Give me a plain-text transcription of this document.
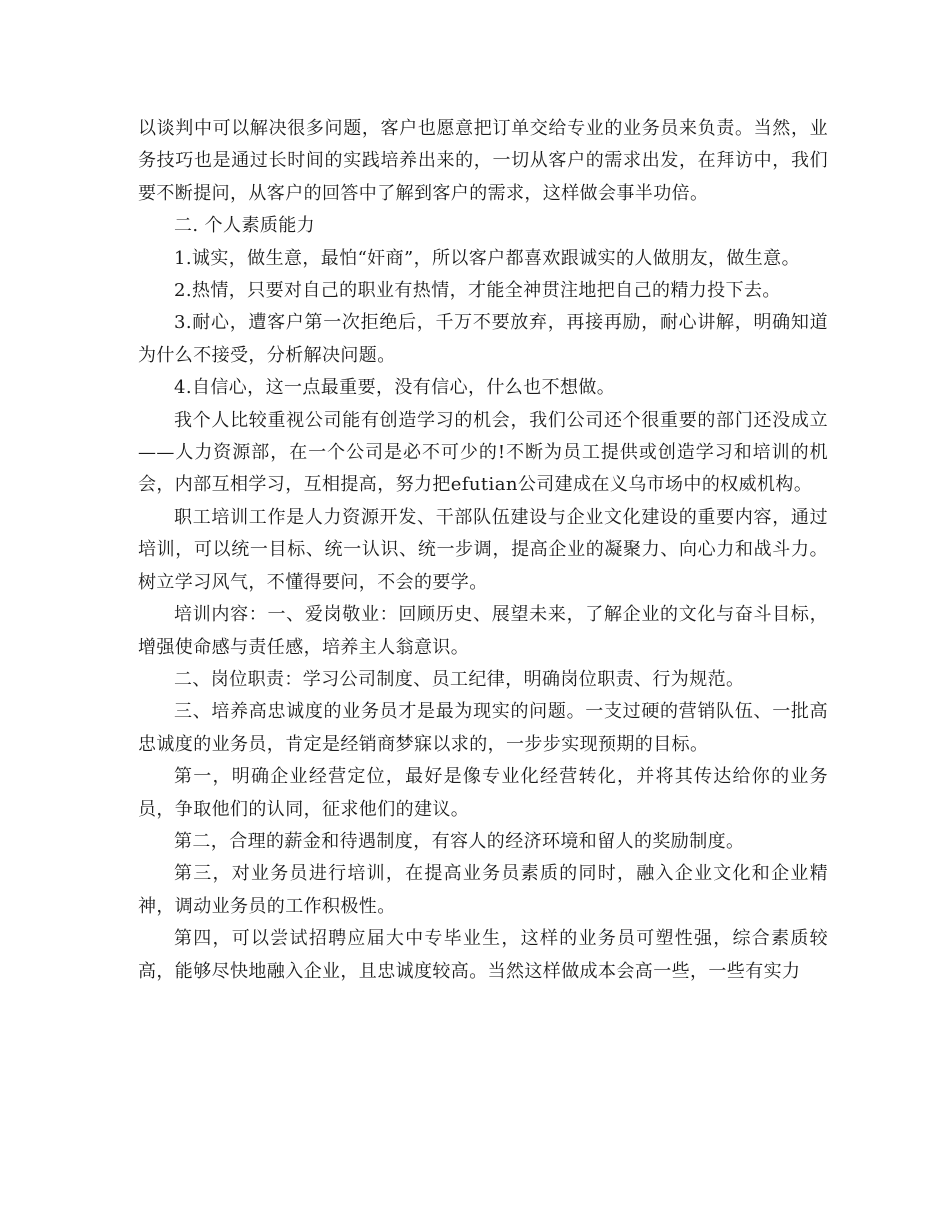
以谈判中可以解决很多问题，客户也愿意把订单交给专业的业务员来负责。当然，业务技巧也是通过长时间的实践培养出来的，一切从客户的需求出发，在拜访中，我们要不断提问，从客户的回答中了解到客户的需求，这样做会事半功倍。

二. 个人素质能力

1.诚实，做生意，最怕“奸商”，所以客户都喜欢跟诚实的人做朋友，做生意。

2.热情，只要对自己的职业有热情，才能全神贯注地把自己的精力投下去。

3.耐心，遭客户第一次拒绝后，千万不要放弃，再接再励，耐心讲解，明确知道为什么不接受，分析解决问题。

4.自信心，这一点最重要，没有信心，什么也不想做。

我个人比较重视公司能有创造学习的机会，我们公司还个很重要的部门还没成立——人力资源部，在一个公司是必不可少的!不断为员工提供或创造学习和培训的机会，内部互相学习，互相提高，努力把efutian公司建成在义乌市场中的权威机构。

职工培训工作是人力资源开发、干部队伍建设与企业文化建设的重要内容，通过培训，可以统一目标、统一认识、统一步调，提高企业的凝聚力、向心力和战斗力。树立学习风气，不懂得要问，不会的要学。

培训内容：一、爱岗敬业：回顾历史、展望未来，了解企业的文化与奋斗目标，增强使命感与责任感，培养主人翁意识。

二、岗位职责：学习公司制度、员工纪律，明确岗位职责、行为规范。

三、培养高忠诚度的业务员才是最为现实的问题。一支过硬的营销队伍、一批高忠诚度的业务员，肯定是经销商梦寐以求的，一步步实现预期的目标。

第一，明确企业经营定位，最好是像专业化经营转化，并将其传达给你的业务员，争取他们的认同，征求他们的建议。

第二，合理的薪金和待遇制度，有容人的经济环境和留人的奖励制度。

第三，对业务员进行培训，在提高业务员素质的同时，融入企业文化和企业精神，调动业务员的工作积极性。

第四，可以尝试招聘应届大中专毕业生，这样的业务员可塑性强，综合素质较高，能够尽快地融入企业，且忠诚度较高。当然这样做成本会高一些，一些有实力
